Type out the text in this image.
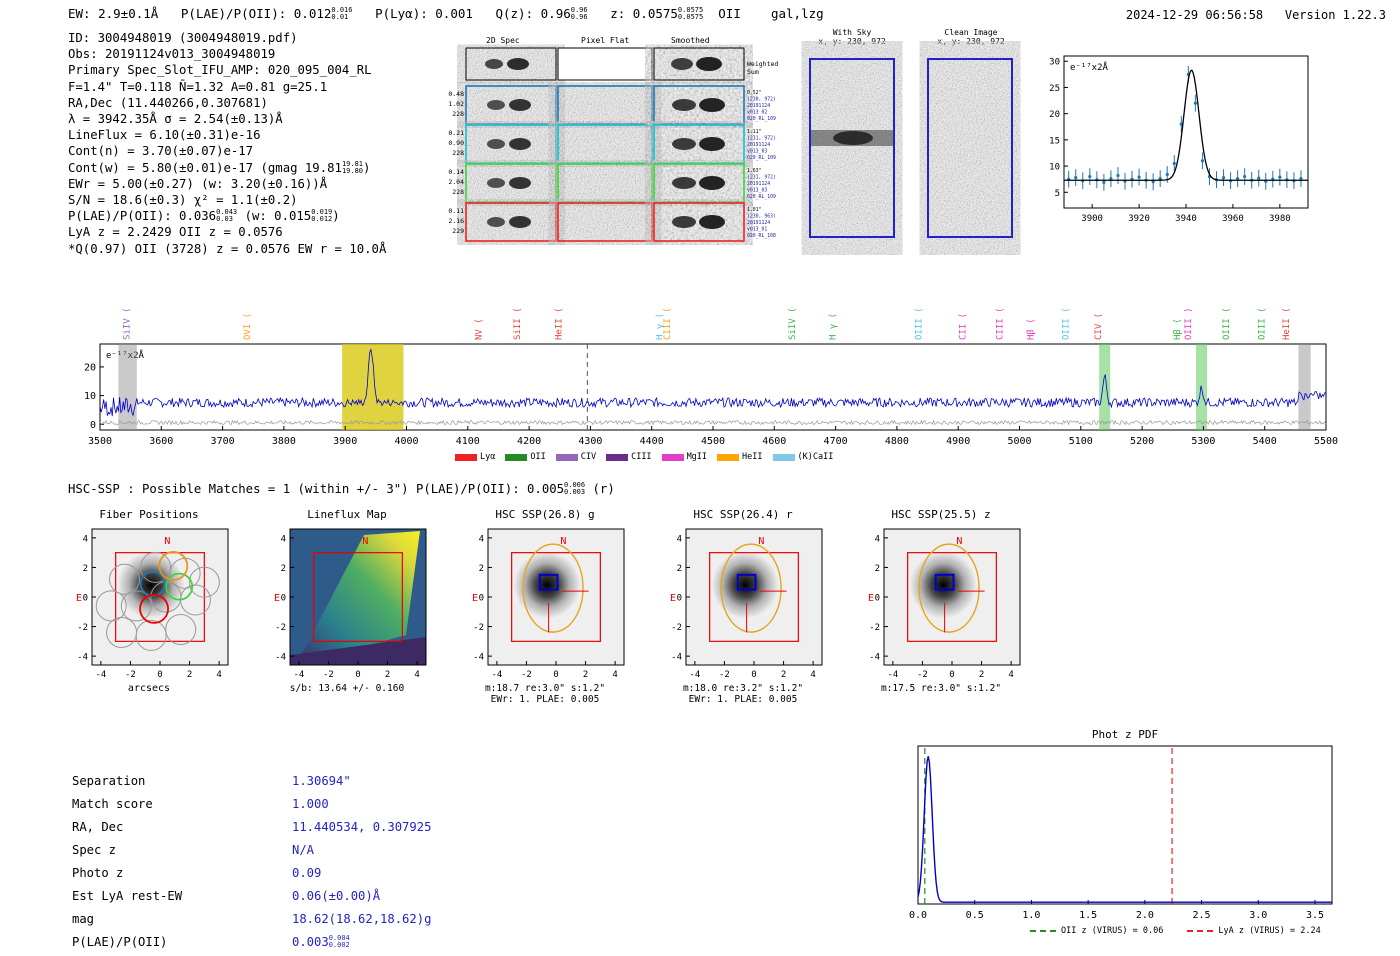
EW: 2.9±0.1Å P(LAE)/P(OII): 0.012 0.016
0.01	P(Lyα): 0.001 Q(z): 0.96 0.96
0.96 z: 0.0575 0.0575
0.0575 OII gal,lzg	2024-12-29 06:56:58 Version 1.22.3
ID: 3004948019 (3004948019.pdf)
Obs: 20191124v013_3004948019
Primary Spec_Slot_IFU_AMP: 020_095_004_RL
F=1.4" T=0.118 N̄=1.32 A=0.81 g=25.1
RA,Dec (11.440266,0.307681)
λ = 3942.35Å σ = 2.54(±0.13)Å
LineFlux = 6.10(±0.31)e-16
Cont(n) = 3.70(±0.07)e-17
Cont(w) = 5.80(±0.01)e-17 (gmag 19.81 19.81
19.80 )
EWr = 5.00(±0.27) (w: 3.20(±0.16))Å
S/N = 18.6(±0.3) χ² = 1.1(±0.2)
P(LAE)/P(OII): 0.036 0.043
0.03 (w: 0.015 0.019
0.012 )
LyA z = 2.2429 OII z = 0.0576
*Q(0.97) OII (3728) z = 0.0576 EW r = 10.0Å
2D Spec	Pixel Flat	Smoothed
Weighted
Sum
0.48
1.02
228
0.52"
(230, 972)
20191124
v013 02
020_RL_109
0.21
0.90
228
1.11"
(231, 972)
20191124
v013_03
020_RL_109
0.14
2.04
228
1.63"
(231, 972)
20191124
v013_03
020_RL_109
0.11
2.16
229
1.01"
(230, 963)
20191124
v013_01
020_RL_108
With Sky
x, y: 230, 972
Clean Image
x, y: 230, 972
e⁻¹⁷x2Å
3900	3920	3940	3960	3980
5
10
15
20
25
30
SiIV (	OVI (	NV (	SiII (	HeII (	H γ (	SiIV (	H γ (	CII (	CIII ( Hβ (	OIII ( CIV (	Hβ (	OIII (	OIII ( HeII (
CIII (	OIII (	OIII )
e⁻¹⁷x2Å
3500	3600	3700	3800	3900	4000	4100	4200	4300	4400	4500	4600	4700	4800	4900	5000	5100	5200	5300	5400	5500
0
10
20
Lyα	OII	CIV	CIII	MgII	HeII	(K)CaII
HSC-SSP : Possible Matches = 1 (within +/- 3") P(LAE)/P(OII): 0.005 0.006
0.003 (r)
Fiber Positions
-4
-4
-2
-2
0
0
2
2
4
4	N
E
arcsecs
Lineflux Map
-4
-4
-2
-2
0
0
2
2
4
4	N
E
s/b: 13.64 +/- 0.160
HSC SSP(26.8) g
-4
-4
-2
-2
0
0
2
2
4
4	N
E
m:18.7 re:3.0" s:1.2"
EWr: 1. PLAE: 0.005
HSC SSP(26.4) r
-4
-4
-2
-2
0
0
2
2
4
4	N
E
m:18.0 re:3.2" s:1.2"
EWr: 1. PLAE: 0.005
HSC SSP(25.5) z
-4
-4
-2
-2
0
0
2
2
4
4	N
E
m:17.5 re:3.0" s:1.2"
Separation	1.30694"
Match score	1.000
RA, Dec	11.440534, 0.307925
Spec z	N/A
Photo z	0.09
Est LyA rest-EW	0.06(±0.00)Å
mag	18.62(18.62,18.62)g
P(LAE)/P(OII)	0.003 0.004
0.002
Phot z PDF
0.0	0.5	1.0	1.5	2.0	2.5	3.0	3.5
OII z (VIRUS) = 0.06	LyA z (VIRUS) = 2.24
